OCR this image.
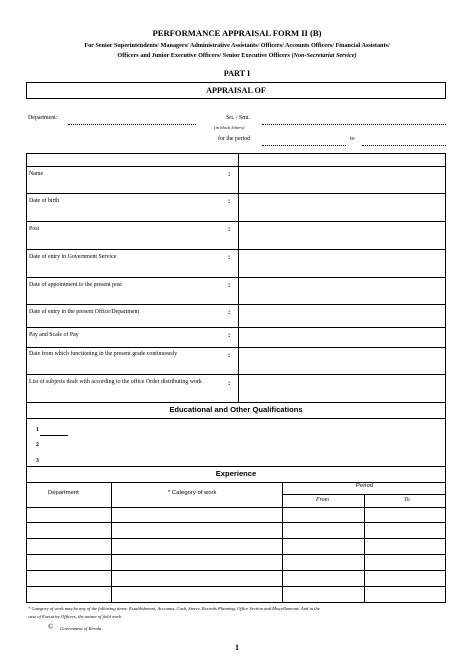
PERFORMANCE APPRAISAL FORM II (B)
For Senior Superintendents/ Managers/ Administrative Assistants/ Officers/ Accounts Officers/ Financial Assistants/
Officers and Junior Executive Officers/ Senior Executive Officers (Non-Secretariat Service)
PART I
APPRAISAL OF
Department:	Sri. / Smt.
(in block letters)
for the period	to
Name	:
Date of birth	:
Post	:
Date of entry in Government Service	:
Date of appointment to the present post	:
Date of entry in the present Office/Department	:
Pay and Scale of Pay	:
Date from which functioning in the present grade continuously	:
List of subjects dealt with according to the office Order distributing work	:
Educational and Other Qualifications
1
2
3
Experience
Department	* Category of work
Period
From	To
* Category of work may be any of the following items: Establishment, Accounts, Cash, Stores, Records Planning, Office Section and Miscellaneous. And in the
case of Executive Officers, the nature of field work.
© Government of Kerala
1
